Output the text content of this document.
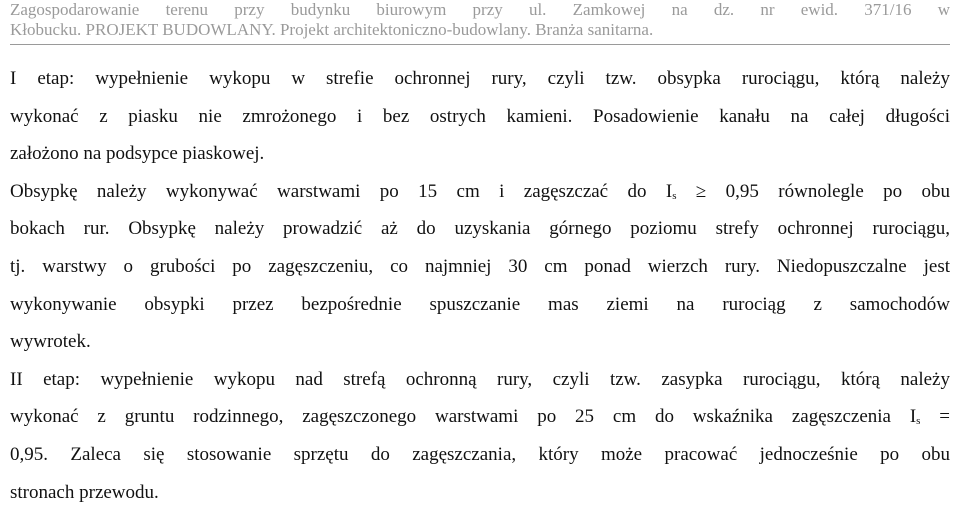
Zagospodarowanie terenu przy budynku biurowym przy ul. Zamkowej na dz. nr ewid. 371/16 w
Kłobucku. PROJEKT BUDOWLANY. Projekt architektoniczno-budowlany. Branża sanitarna.
I etap: wypełnienie wykopu w strefie ochronnej rury, czyli tzw. obsypka rurociągu, którą należy
wykonać z piasku nie zmrożonego i bez ostrych kamieni. Posadowienie kanału na całej długości
założono na podsypce piaskowej.
Obsypkę należy wykonywać warstwami po 15 cm i zagęszczać do $I_s \ge 0,95$ równolegle po obu
bokach rur. Obsypkę należy prowadzić aż do uzyskania górnego poziomu strefy ochronnej rurociągu,
tj. warstwy o grubości po zagęszczeniu, co najmniej 30 cm ponad wierzch rury. Niedopuszczalne jest
wykonywanie obsypki przez bezpośrednie spuszczanie mas ziemi na rurociąg z samochodów
wywrotek.
II etap: wypełnienie wykopu nad strefą ochronną rury, czyli tzw. zasypka rurociągu, którą należy
wykonać z gruntu rodzinnego, zagęszczonego warstwami po 25 cm do wskaźnika zagęszczenia $I_s$ =
0,95. Zaleca się stosowanie sprzętu do zagęszczania, który może pracować jednocześnie po obu
stronach przewodu.
